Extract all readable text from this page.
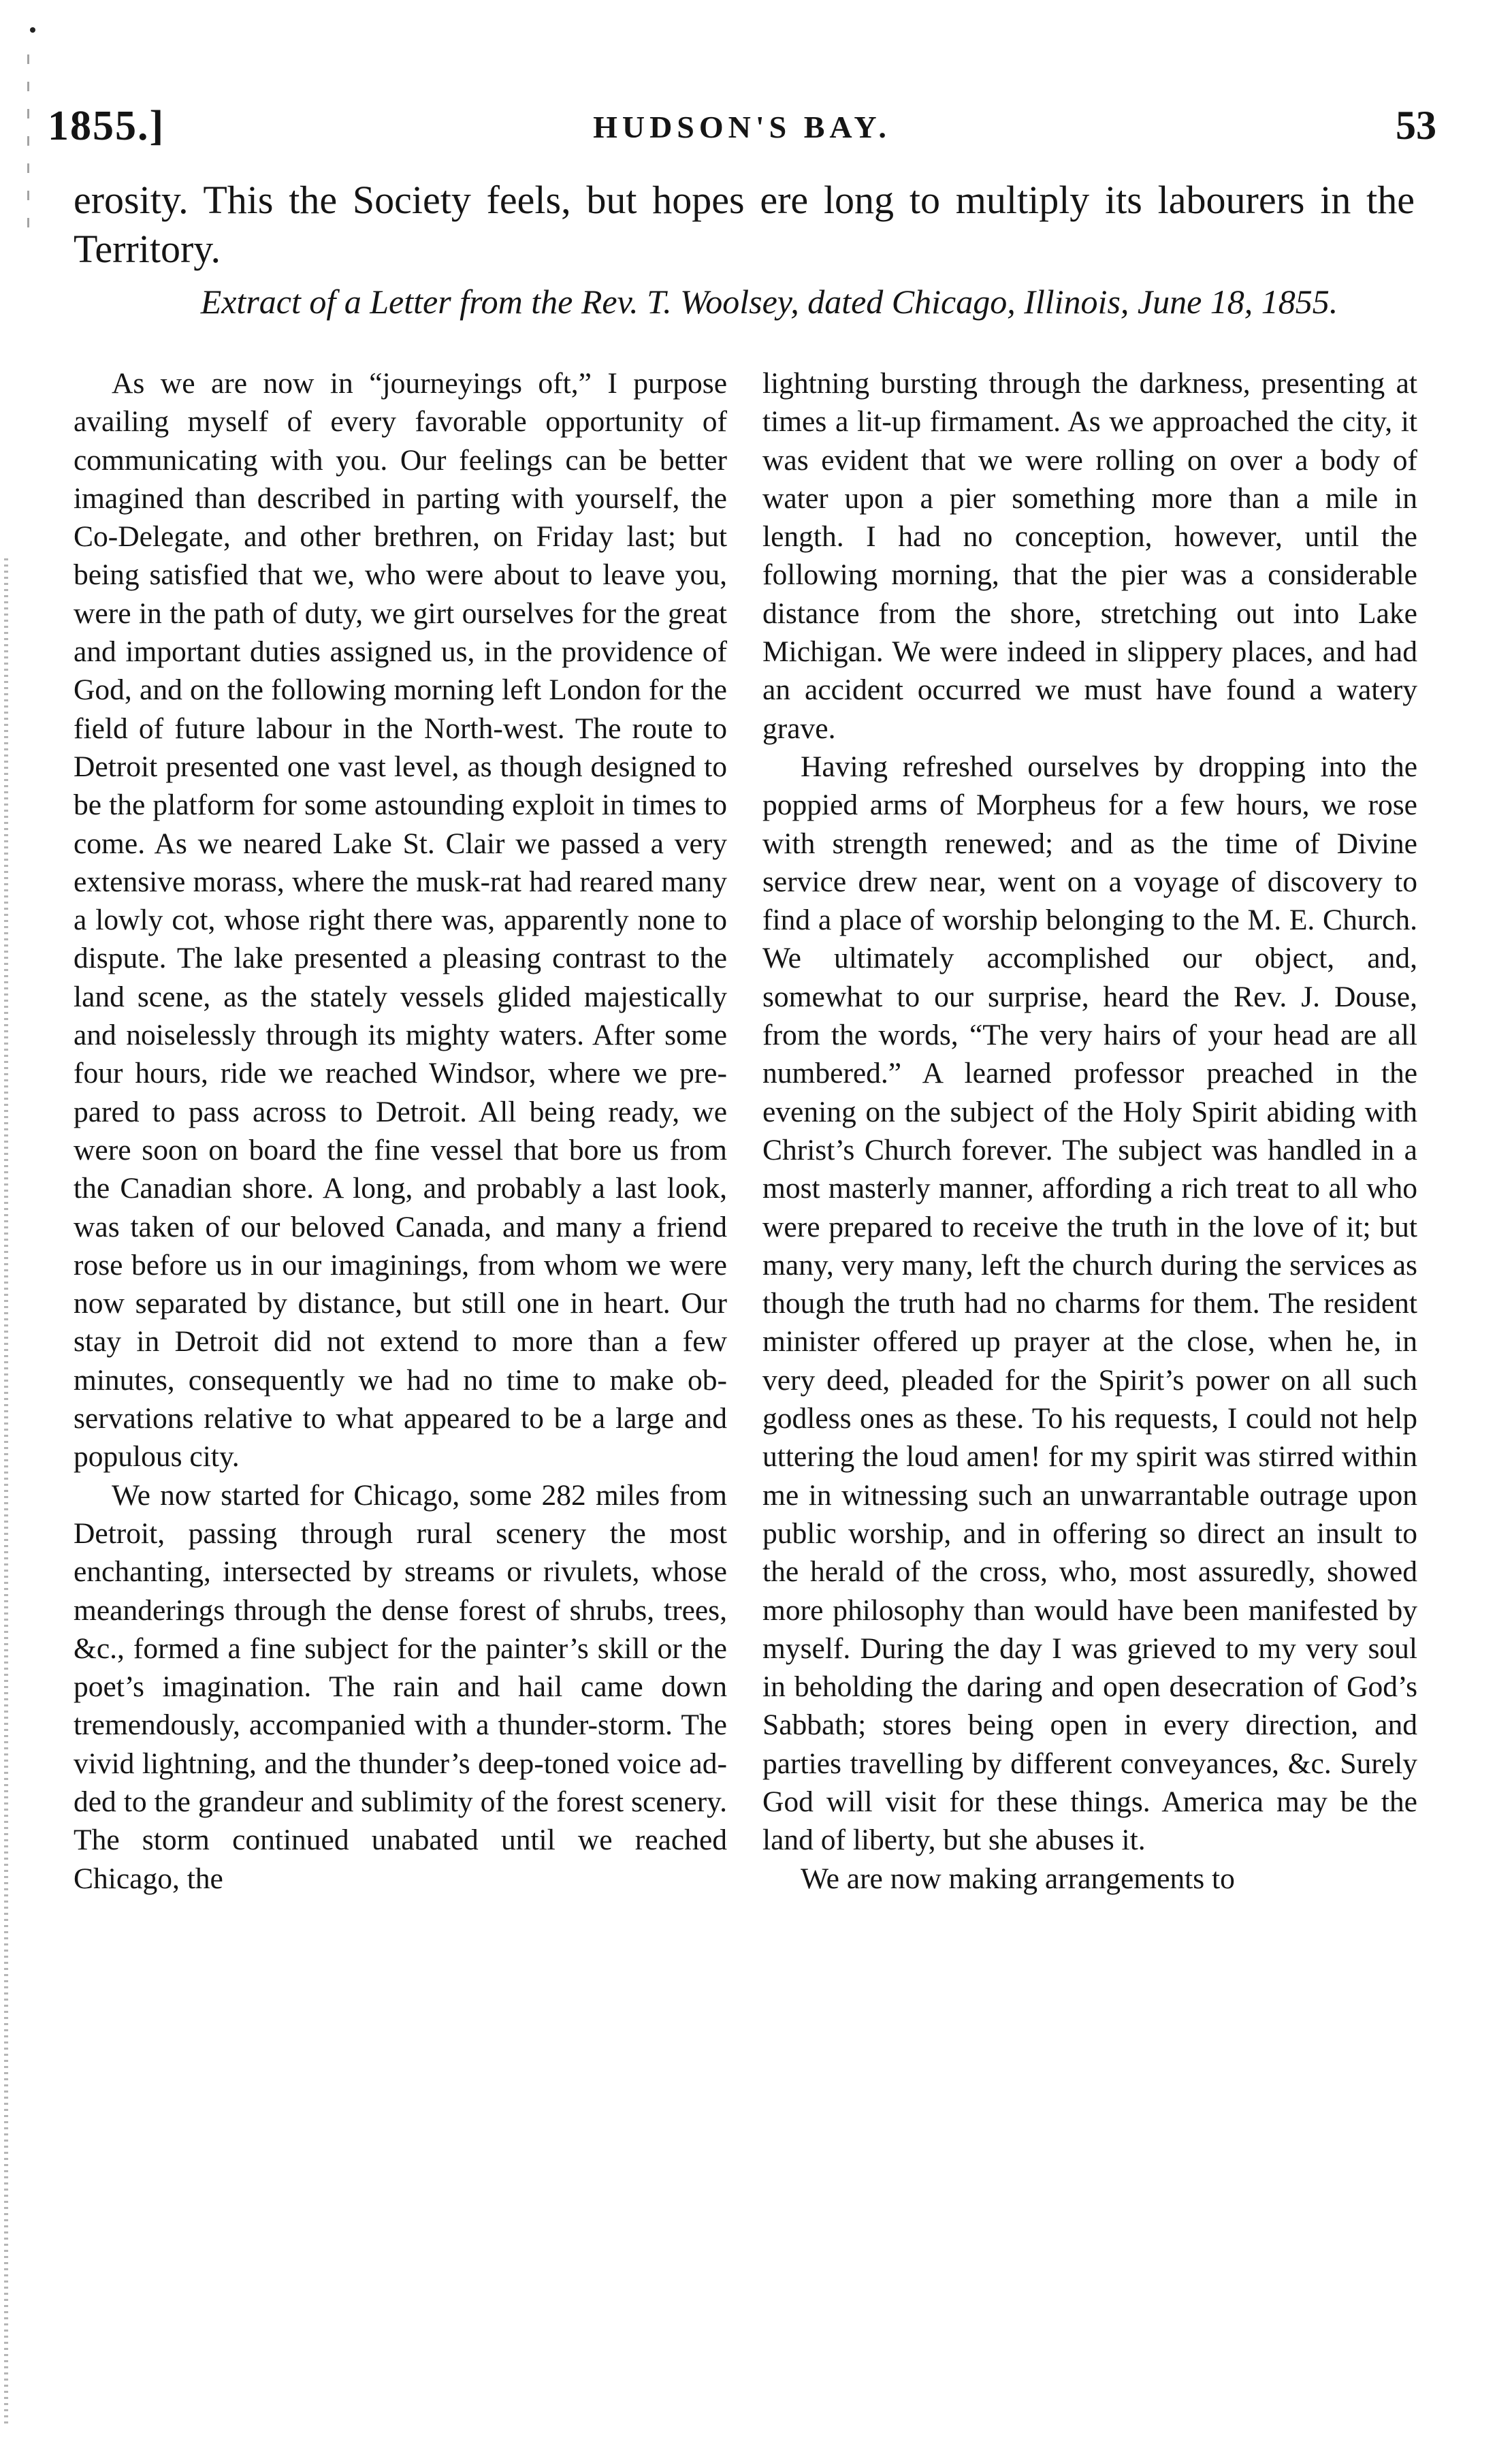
1855.]	HUDSON'S BAY.	53

erosity. This the Society feels, but hopes ere long to multiply its labourers in the Territory.

Extract of a Letter from the Rev. T. Woolsey, dated Chicago, Illinois, June 18, 1855.

As we are now in “journeyings oft,” I purpose availing myself of every favorable opportunity of communicating with you. Our feelings can be better imagined than described in parting with yourself, the Co-Delegate, and other brethren, on Friday last; but being satisfied that we, who were about to leave you, were in the path of duty, we girt ourselves for the great and important duties assigned us, in the providence of God, and on the following morning left London for the field of future labour in the North-west. The route to Detroit presented one vast level, as though designed to be the platform for some astounding exploit in times to come. As we neared Lake St. Clair we passed a very extensive morass, where the musk-rat had reared many a lowly cot, whose right there was, apparently none to dispute. The lake presented a pleasing contrast to the land scene, as the stately vessels glided majestically and noiselessly through its mighty waters. After some four hours, ride we reached Windsor, where we prepared to pass across to Detroit. All being ready, we were soon on board the fine vessel that bore us from the Canadian shore. A long, and probably a last look, was taken of our beloved Canada, and many a friend rose before us in our imaginings, from whom we were now separated by distance, but still one in heart. Our stay in Detroit did not extend to more than a few minutes, consequently we had no time to make observations relative to what appeared to be a large and populous city.

We now started for Chicago, some 282 miles from Detroit, passing through rural scenery the most enchanting, intersected by streams or rivulets, whose meanderings through the dense forest of shrubs, trees, &c., formed a fine subject for the painter’s skill or the poet’s imagination. The rain and hail came down tremendously, accompanied with a thunder-storm. The vivid lightning, and the thunder’s deep-toned voice added to the grandeur and sublimity of the forest scenery. The storm continued unabated until we reached Chicago, the

lightning bursting through the darkness, presenting at times a lit-up firmament. As we approached the city, it was evident that we were rolling on over a body of water upon a pier something more than a mile in length. I had no conception, however, until the following morning, that the pier was a considerable distance from the shore, stretching out into Lake Michigan. We were indeed in slippery places, and had an accident occurred we must have found a watery grave.

Having refreshed ourselves by dropping into the poppied arms of Morpheus for a few hours, we rose with strength renewed; and as the time of Divine service drew near, went on a voyage of discovery to find a place of worship belonging to the M. E. Church. We ultimately accomplished our object, and, somewhat to our surprise, heard the Rev. J. Douse, from the words, “The very hairs of your head are all numbered.” A learned professor preached in the evening on the subject of the Holy Spirit abiding with Christ’s Church forever. The subject was handled in a most masterly manner, affording a rich treat to all who were prepared to receive the truth in the love of it; but many, very many, left the church during the services as though the truth had no charms for them. The resident minister offered up prayer at the close, when he, in very deed, pleaded for the Spirit’s power on all such godless ones as these. To his requests, I could not help uttering the loud amen! for my spirit was stirred within me in witnessing such an unwarrantable outrage upon public worship, and in offering so direct an insult to the herald of the cross, who, most assuredly, showed more philosophy than would have been manifested by myself. During the day I was grieved to my very soul in beholding the daring and open desecration of God’s Sabbath; stores being open in every direction, and parties travelling by different conveyances, &c. Surely God will visit for these things. America may be the land of liberty, but she abuses it.

We are now making arrangements to
